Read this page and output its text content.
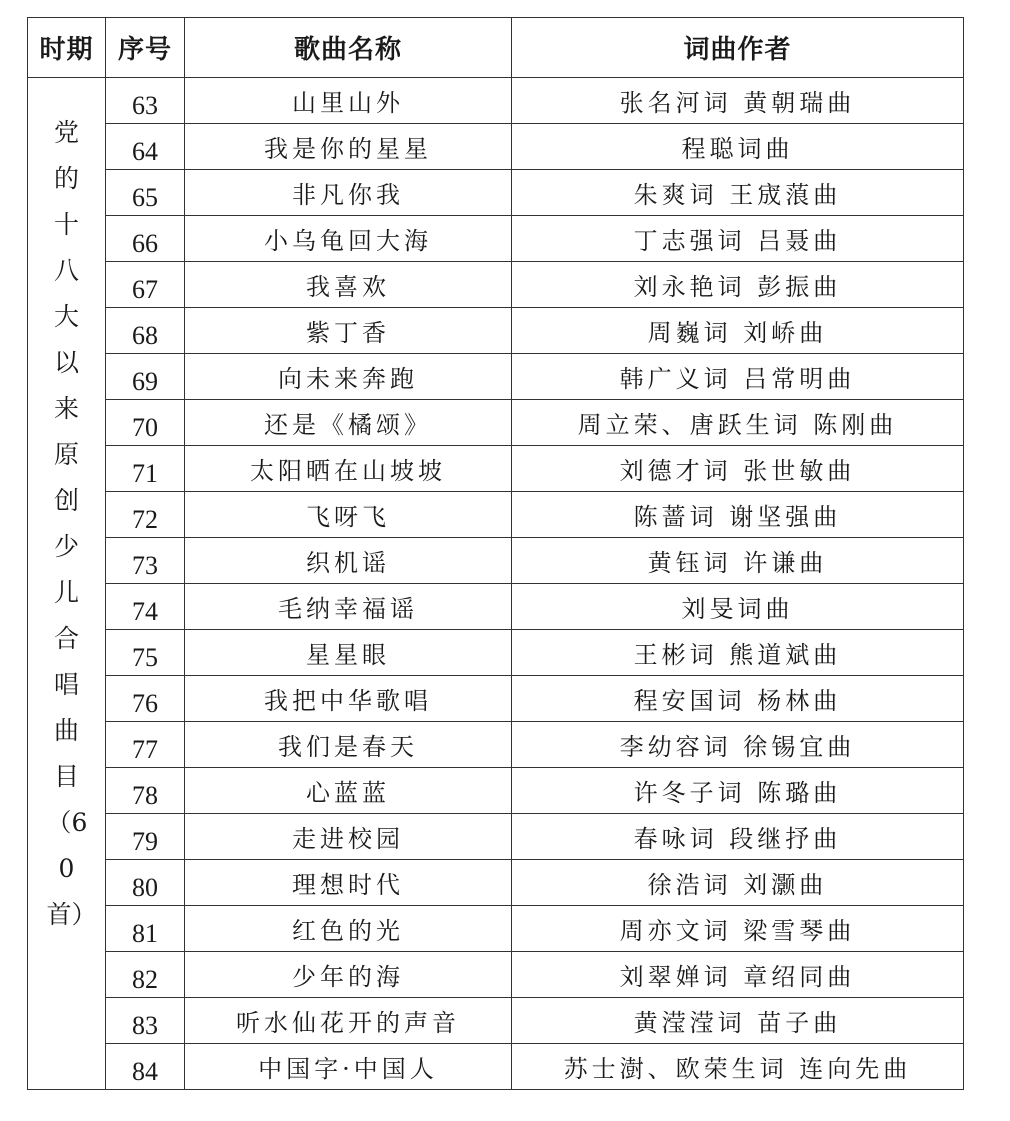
时期	序号	歌曲名称	词曲作者

党的十八大以来原创少儿合唱曲目（60首）	63	山里山外	张名河词 黄朝瑞曲
	64	我是你的星星	程聪词曲
	65	非凡你我	朱爽词 王宬蒗曲
	66	小乌龟回大海	丁志强词 吕聂曲
	67	我喜欢	刘永艳词 彭振曲
	68	紫丁香	周巍词 刘峤曲
	69	向未来奔跑	韩广义词 吕常明曲
	70	还是《橘颂》	周立荣、唐跃生词 陈刚曲
	71	太阳晒在山坡坡	刘德才词 张世敏曲
	72	飞呀飞	陈蔷词 谢坚强曲
	73	织机谣	黄钰词 许谦曲
	74	毛纳幸福谣	刘旻词曲
	75	星星眼	王彬词 熊道斌曲
	76	我把中华歌唱	程安国词 杨林曲
	77	我们是春天	李幼容词 徐锡宜曲
	78	心蓝蓝	许冬子词 陈璐曲
	79	走进校园	春咏词 段继抒曲
	80	理想时代	徐浩词 刘灏曲
	81	红色的光	周亦文词 梁雪琴曲
	82	少年的海	刘翠婵词 章绍同曲
	83	听水仙花开的声音	黄滢滢词 苗子曲
	84	中国字·中国人	苏士澍、欧荣生词 连向先曲
